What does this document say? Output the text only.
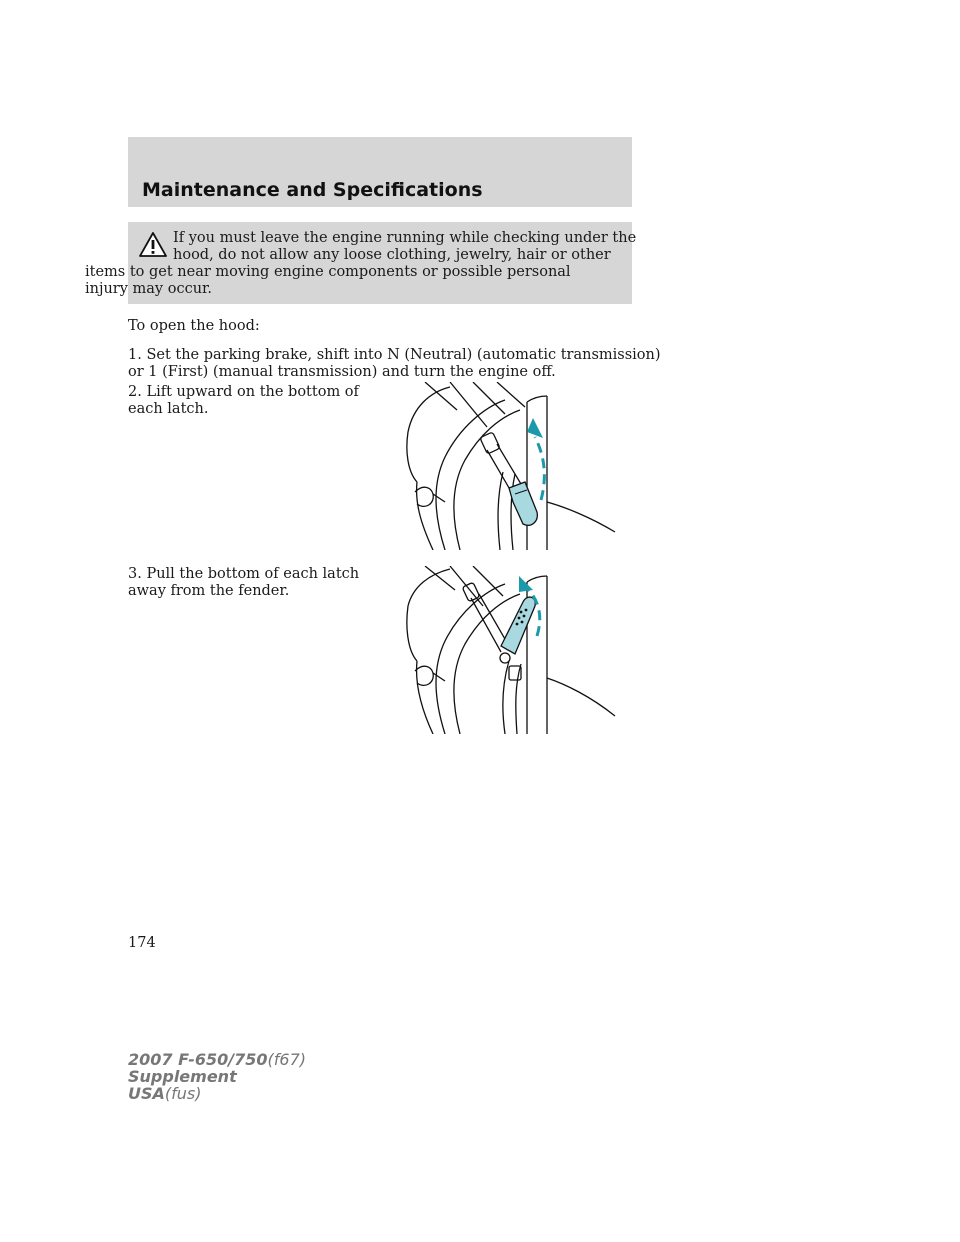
Maintenance and Specifications
If you must leave the engine running while checking under the
hood, do not allow any loose clothing, jewelry, hair or other
items to get near moving engine components or possible personal
injury may occur.
To open the hood:
1. Set the parking brake, shift into N (Neutral) (automatic transmission)
or 1 (First) (manual transmission) and turn the engine off.
2. Lift upward on the bottom of
each latch.
3. Pull the bottom of each latch
away from the fender.
174
2007 F-650/750(f67)
Supplement
USA(fus)
